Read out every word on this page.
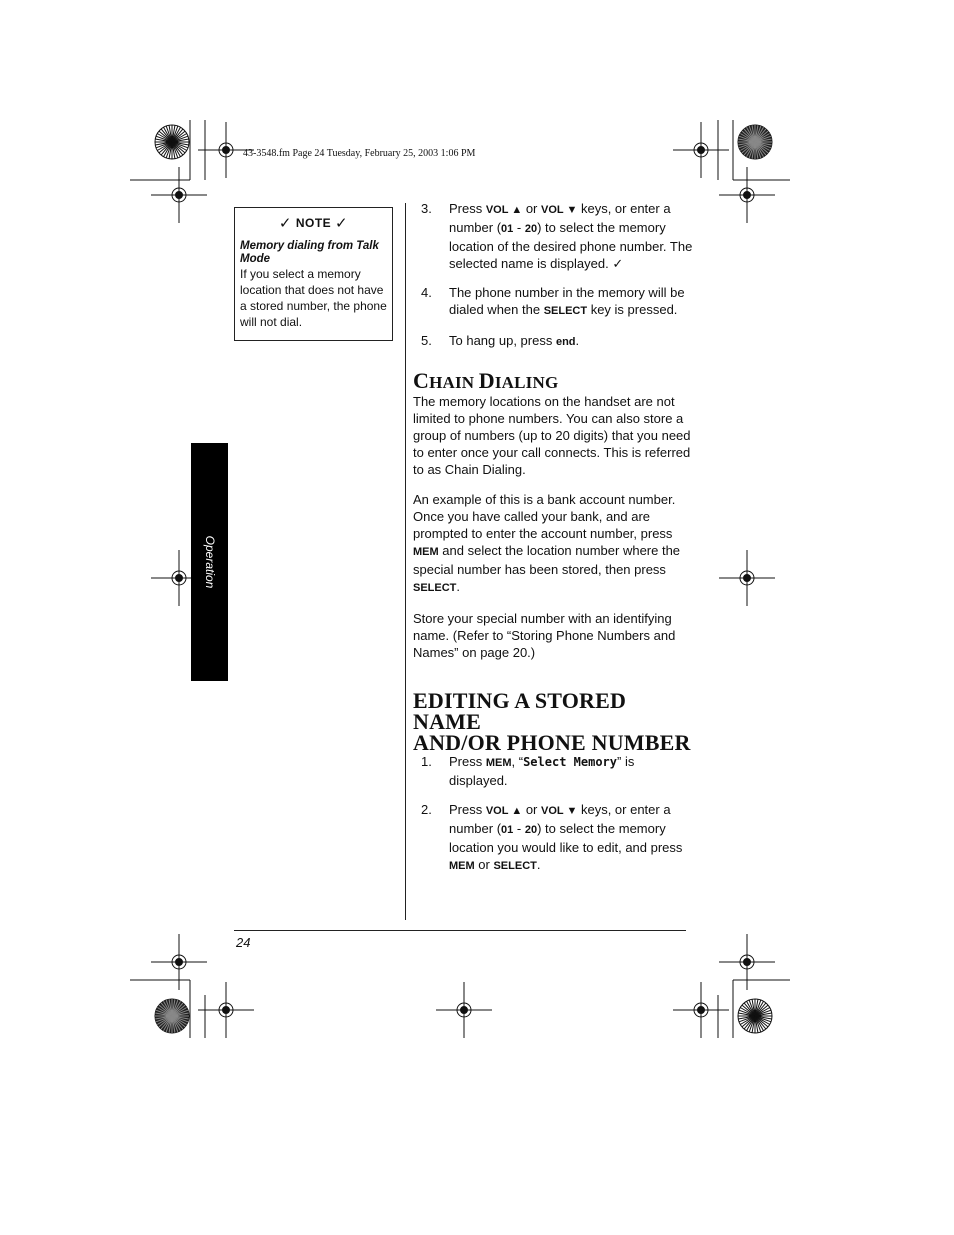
43-3548.fm Page 24 Tuesday, February 25, 2003 1:06 PM
✓ NOTE ✓
Memory dialing from Talk Mode
If you select a memory location that does not have a stored number, the phone will not dial.
Operation
3.	Press VOL ▲ or VOL ▼ keys, or enter a number (01 - 20) to select the memory location of the desired phone number. The selected name is displayed. ✓
4.	The phone number in the memory will be dialed when the SELECT key is pressed.
5.	To hang up, press end.
CHAIN DIALING

The memory locations on the handset are not limited to phone numbers. You can also store a group of numbers (up to 20 digits) that you need to enter once your call connects. This is referred to as Chain Dialing.

An example of this is a bank account number. Once you have called your bank, and are prompted to enter the account number, press MEM and select the location number where the special number has been stored, then press SELECT.

Store your special number with an identifying name. (Refer to “Storing Phone Numbers and Names” on page 20.)

EDITING A STORED NAME
AND/OR PHONE NUMBER
1.	Press MEM, “Select Memory” is displayed.
2.	Press VOL ▲ or VOL ▼ keys, or enter a number (01 - 20) to select the memory location you would like to edit, and press MEM or SELECT.
24
